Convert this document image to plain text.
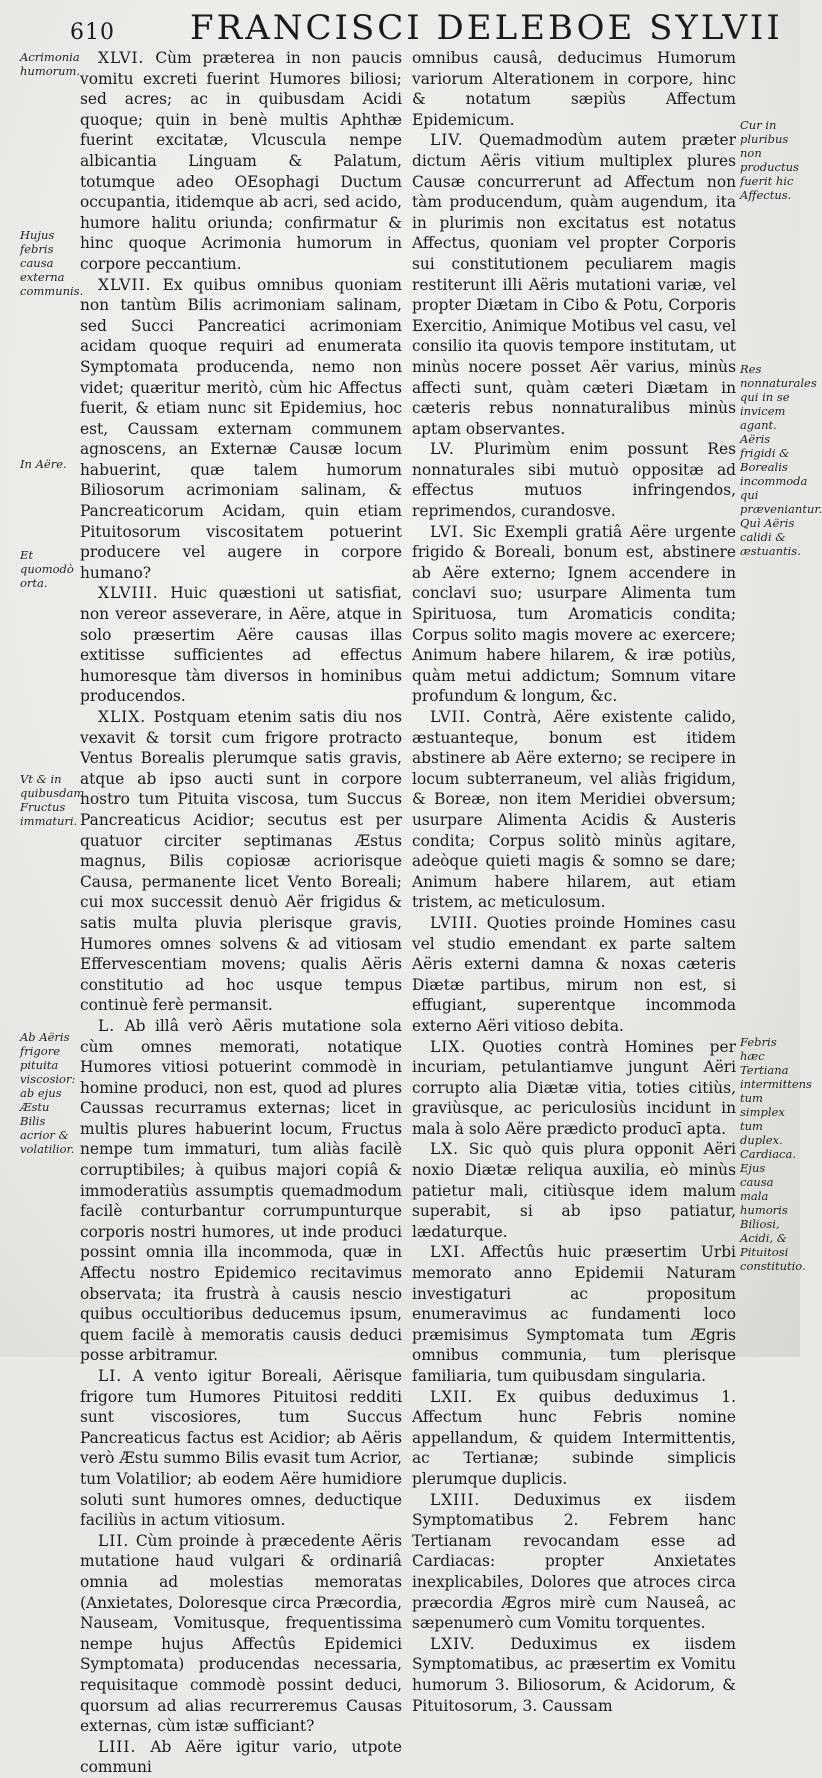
610 FRANCISCI DELEBOE SYLVII
Acrimonia humorum.
Hujus febris causa externa communis.
In Aëre.
Et quomodò orta.
Vt & in quibusdam Fructus immaturi.
Ab Aëris frigore pituita viscosior: ab ejus Æstu Bilis acrior & volatilior.

XLVI. Cùm præterea in non paucis vomitu excreti fuerint Humores biliosi; sed acres; ac in quibusdam Acidi quoque; quin in benè multis Aphthæ fuerint excitatæ, Vlcuscula nempe albicantia Linguam & Palatum, totumque adeo OEsophagi Ductum occupantia, itidemque ab acri, sed acido, humore halitu oriunda; confirmatur & hinc quoque Acrimonia humorum in corpore peccantium.

XLVII. Ex quibus omnibus quoniam non tantùm Bilis acrimoniam salinam, sed Succi Pancreatici acrimoniam acidam quoque requiri ad enumerata Symptomata producenda, nemo non videt; quæritur meritò, cùm hic Affectus fuerit, & etiam nunc sit Epidemius, hoc est, Caussam externam communem agnoscens, an Externæ Causæ locum habuerint, quæ talem humorum Biliosorum acrimoniam salinam, & Pancreaticorum Acidam, quin etiam Pituitosorum viscositatem potuerint producere vel augere in corpore humano?

XLVIII. Huic quæstioni ut satisfiat, non vereor asseverare, in Aëre, atque in solo præsertim Aëre causas illas extitisse sufficientes ad effectus humoresque tàm diversos in hominibus producendos.

XLIX. Postquam etenim satis diu nos vexavit & torsit cum frigore protracto Ventus Borealis plerumque satis gravis, atque ab ipso aucti sunt in corpore nostro tum Pituita viscosa, tum Succus Pancreaticus Acidior; secutus est per quatuor circiter septimanas Æstus magnus, Bilis copiosæ acriorisque Causa, permanente licet Vento Boreali; cui mox successit denuò Aër frigidus & satis multa pluvia plerisque gravis, Humores omnes solvens & ad vitiosam Effervescentiam movens; qualis Aëris constitutio ad hoc usque tempus continuè ferè permansit.

L. Ab illâ verò Aëris mutatione sola cùm omnes memorati, notatique Humores vitiosi potuerint commodè in homine produci, non est, quod ad plures Caussas recurramus externas; licet in multis plures habuerint locum, Fructus nempe tum immaturi, tum aliàs facilè corruptibiles; à quibus majori copiâ & immoderatiùs assumptis quemadmodum facilè conturbantur corrumpunturque corporis nostri humores, ut inde produci possint omnia illa incommoda, quæ in Affectu nostro Epidemico recitavimus observata; ita frustrà à causis nescio quibus occultioribus deducemus ipsum, quem facilè à memoratis causis deduci posse arbitramur.

LI. A vento igitur Boreali, Aërisque frigore tum Humores Pituitosi redditi sunt viscosiores, tum Succus Pancreaticus factus est Acidior; ab Aëris verò Æstu summo Bilis evasit tum Acrior, tum Volatilior; ab eodem Aëre humidiore soluti sunt humores omnes, deductique faciliùs in actum vitiosum.

LII. Cùm proinde à præcedente Aëris mutatione haud vulgari & ordinariâ omnia ad molestias memoratas (Anxietates, Doloresque circa Præcordia, Nauseam, Vomitusque, frequentissima nempe hujus Affectûs Epidemici Symptomata) producendas necessaria, requisitaque commodè possint deduci, quorsum ad alias recurreremus Causas externas, cùm istæ sufficiant?

LIII. Ab Aëre igitur vario, utpote communi

omnibus causâ, deducimus Humorum variorum Alterationem in corpore, hinc & notatum sæpiùs Affectum Epidemicum.

LIV. Quemadmodùm autem præter dictum Aëris vitium multiplex plures Causæ concurrerunt ad Affectum non tàm producendum, quàm augendum, ita in plurimis non excitatus est notatus Affectus, quoniam vel propter Corporis sui constitutionem peculiarem magis restiterunt illi Aëris mutationi variæ, vel propter Diætam in Cibo & Potu, Corporis Exercitio, Animique Motibus vel casu, vel consilio ita quovis tempore institutam, ut minùs nocere posset Aër varius, minùs affecti sunt, quàm cæteri Diætam in cæteris rebus nonnaturalibus minùs aptam observantes.

LV. Plurimùm enim possunt Res nonnaturales sibi mutuò oppositæ ad effectus mutuos infringendos, reprimendos, curandosve.

LVI. Sic Exempli gratiâ Aëre urgente frigido & Boreali, bonum est, abstinere ab Aëre externo; Ignem accendere in conclavi suo; usurpare Alimenta tum Spirituosa, tum Aromaticis condita; Corpus solito magis movere ac exercere; Animum habere hilarem, & iræ potiùs, quàm metui addictum; Somnum vitare profundum & longum, &c.

LVII. Contrà, Aëre existente calido, æstuanteque, bonum est itidem abstinere ab Aëre externo; se recipere in locum subterraneum, vel aliàs frigidum, & Boreæ, non item Meridiei obversum; usurpare Alimenta Acidis & Austeris condita; Corpus solitò minùs agitare, adeòque quieti magis & somno se dare; Animum habere hilarem, aut etiam tristem, ac meticulosum.

LVIII. Quoties proinde Homines casu vel studio emendant ex parte saltem Aëris externi damna & noxas cæteris Diætæ partibus, mirum non est, si effugiant, superentque incommoda externo Aëri vitioso debita.

LIX. Quoties contrà Homines per incuriam, petulantiamve jungunt Aëri corrupto alia Diætæ vitia, toties citiùs, graviùsque, ac periculosiùs incidunt in mala à solo Aëre prædicto producī apta.

LX. Sic quò quis plura opponit Aëri noxio Diætæ reliqua auxilia, eò minùs patietur mali, citiùsque idem malum superabit, si ab ipso patiatur, lædaturque.

LXI. Affectûs huic præsertim Urbi memorato anno Epidemii Naturam investigaturi ac propositum enumeravimus ac fundamenti loco præmisimus Symptomata tum Ægris omnibus communia, tum plerisque familiaria, tum quibusdam singularia.

LXII. Ex quibus deduximus 1. Affectum hunc Febris nomine appellandum, & quidem Intermittentis, ac Tertianæ; subinde simplicis plerumque duplicis.

LXIII. Deduximus ex iisdem Symptomatibus 2. Febrem hanc Tertianam revocandam esse ad Cardiacas: propter Anxietates inexplicabiles, Dolores que atroces circa præcordia Ægros mirè cum Nauseâ, ac sæpenumerò cum Vomitu torquentes.

LXIV. Deduximus ex iisdem Symptomatibus, ac præsertim ex Vomitu humorum 3. Biliosorum, & Acidorum, & Pituitosorum, 3. Caussam

Cur in pluribus non productus fuerit hic Affectus.
Res nonnaturales qui in se invicem agant. Aëris frigidi & Borealis incommoda qui præveniantur. Quì Aëris calidi & æstuantis.
Febris hæc Tertiana intermittens tum simplex tum duplex. Cardiaca. Ejus causa mala humoris Biliosi, Acidi, & Pituitosi constitutio.
